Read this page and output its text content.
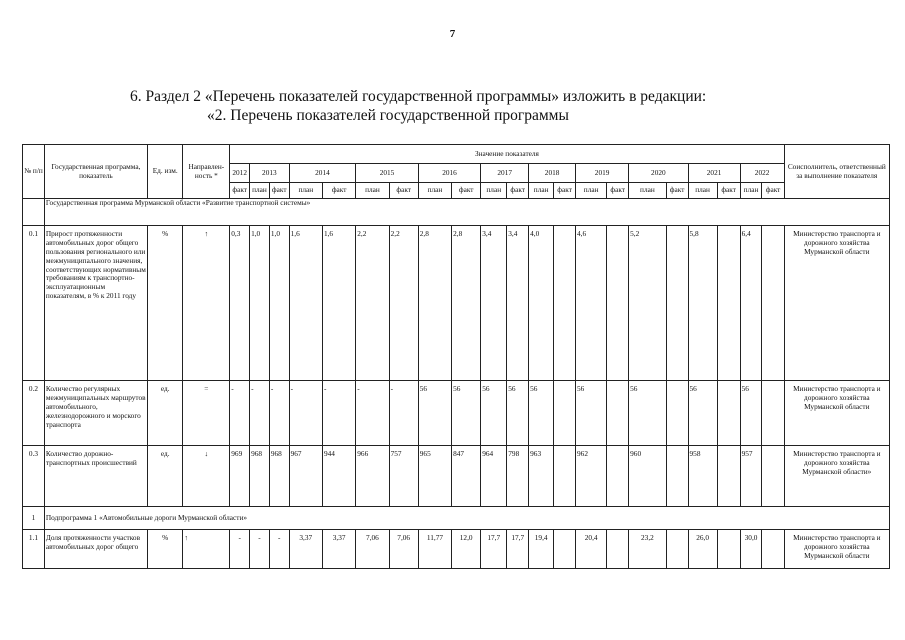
7
6. Раздел 2 «Перечень показателей государственной программы» изложить в редакции:
«2. Перечень показателей государственной программы
№ п/п	Государственная программа, показатель	Ед. изм.	Направлен-ность *	Значение показателя																					Соисполнитель, ответственный за выполнение показателя
				2012	2013		2014		2015		2016		2017		2018		2019		2020		2021		2022		
				факт	план	факт	план	факт	план	факт	план	факт	план	факт	план	факт	план	факт	план	факт	план	факт	план	факт	
	Государственная программа Мурманской области «Развитие транспортной системы»																								
0.1	Прирост протяженности автомобильных дорог общего пользования регионального или межмуниципального значения, соответствующих нормативным требованиям к транспортно-эксплуатационным показателям, в % к 2011 году	%	↑	0,3	1,0	1,0	1,6	1,6	2,2	2,2	2,8	2,8	3,4	3,4	4,0		4,6		5,2		5,8		6,4		Министерство транспорта и дорожного хозяйства Мурманской области
0.2	Количество регулярных межмуниципальных маршрутов автомобильного, железнодорожного и морского транспорта	ед.	=	-	-	-	-	-	-	-	56	56	56	56	56		56		56		56		56		Министерство транспорта и дорожного хозяйства Мурманской области
0.3	Количество дорожно-транспортных происшествий	ед.	↓	969	968	968	967	944	966	757	965	847	964	798	963		962		960		958		957		Министерство транспорта и дорожного хозяйства Мурманской области»
1	Подпрограмма 1 «Автомобильные дороги Мурманской области»																								
1.1	Доля протяженности участков автомобильных дорог общего	%	↑	-	-	-	3,37	3,37	7,06	7,06	11,77	12,0	17,7	17,7	19,4		20,4		23,2		26,0		30,0		Министерство транспорта и дорожного хозяйства Мурманской области
